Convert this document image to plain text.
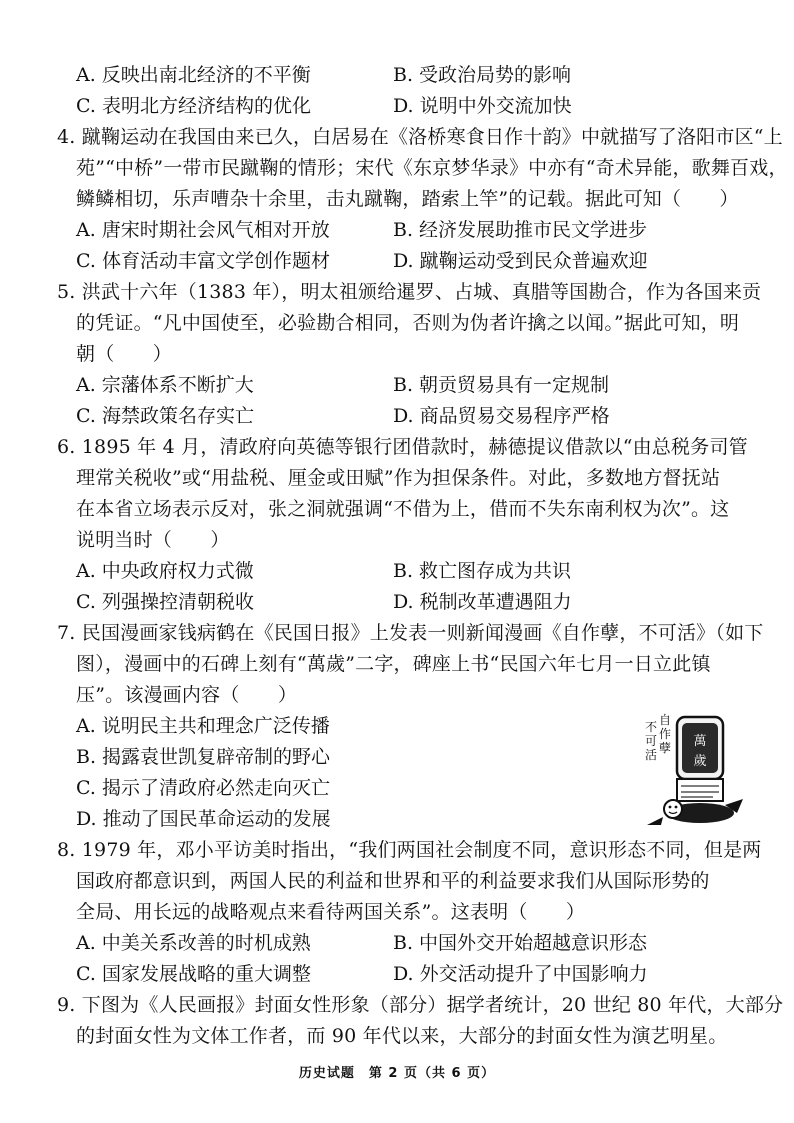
A. 反映出南北经济的不平衡	B. 受政治局势的影响
C. 表明北方经济结构的优化	D. 说明中外交流加快
4. 蹴鞠运动在我国由来已久，白居易在《洛桥寒食日作十韵》中就描写了洛阳市区“上
苑”“中桥”一带市民蹴鞠的情形；宋代《东京梦华录》中亦有“奇术异能，歌舞百戏，
鳞鳞相切，乐声嘈杂十余里，击丸蹴鞠，踏索上竿”的记载。据此可知（　　）
A. 唐宋时期社会风气相对开放	B. 经济发展助推市民文学进步
C. 体育活动丰富文学创作题材	D. 蹴鞠运动受到民众普遍欢迎
5. 洪武十六年（1383 年），明太祖颁给暹罗、占城、真腊等国勘合，作为各国来贡
的凭证。“凡中国使至，必验勘合相同，否则为伪者许擒之以闻。”据此可知，明
朝（　　）
A. 宗藩体系不断扩大	B. 朝贡贸易具有一定规制
C. 海禁政策名存实亡	D. 商品贸易交易程序严格
6. 1895 年 4 月，清政府向英德等银行团借款时，赫德提议借款以“由总税务司管
理常关税收”或“用盐税、厘金或田赋”作为担保条件。对此，多数地方督抚站
在本省立场表示反对，张之洞就强调“不借为上，借而不失东南利权为次”。这
说明当时（　　）
A. 中央政府权力式微	B. 救亡图存成为共识
C. 列强操控清朝税收	D. 税制改革遭遇阻力
7. 民国漫画家钱病鹤在《民国日报》上发表一则新闻漫画《自作孽，不可活》（如下
图），漫画中的石碑上刻有“萬歲”二字，碑座上书“民国六年七月一日立此镇
压”。该漫画内容（　　）
A. 说明民主共和理念广泛传播
B. 揭露袁世凯复辟帝制的野心
C. 揭示了清政府必然走向灭亡
D. 推动了国民革命运动的发展
萬
歲
不
可
活
自
作
孽
8. 1979 年，邓小平访美时指出，“我们两国社会制度不同，意识形态不同，但是两
国政府都意识到，两国人民的利益和世界和平的利益要求我们从国际形势的
全局、用长远的战略观点来看待两国关系”。这表明（　　）
A. 中美关系改善的时机成熟	B. 中国外交开始超越意识形态
C. 国家发展战略的重大调整	D. 外交活动提升了中国影响力
9. 下图为《人民画报》封面女性形象（部分）据学者统计，20 世纪 80 年代，大部分
的封面女性为文体工作者，而 90 年代以来，大部分的封面女性为演艺明星。
历史试题　第 2 页（共 6 页）
